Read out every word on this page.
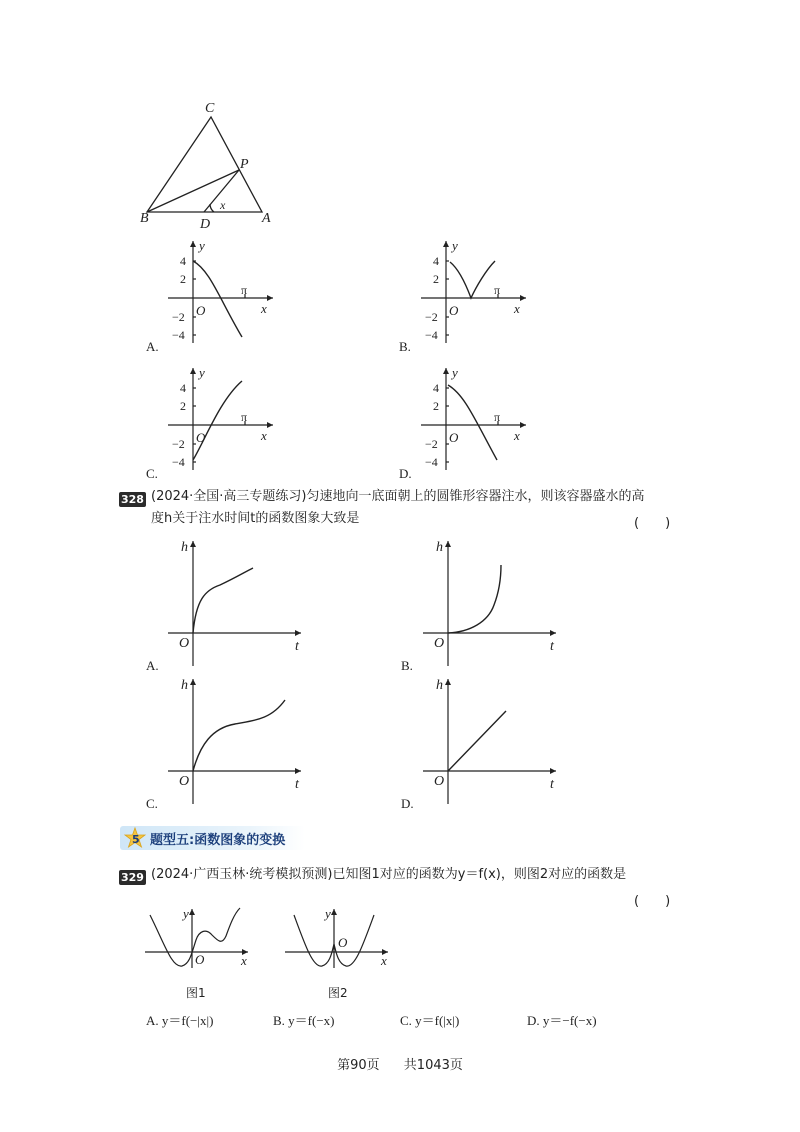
C
P
B	D	A
x
y
x
O
π
4
2
−2
−4
A.
y
x
O
π
4
2
−2
−4
B.
y
x
O
π
4
2
−2
−4
C.
y
x
O
π
4
2
−2
−4
D.
328 (2024·全国·高三专题练习)匀速地向一底面朝上的圆锥形容器注水，则该容器盛水的高
度h关于注水时间t的函数图象大致是	(　　)
h
t
O
A.
h
t
O
B.
h
t
O
C.
h
t
O
D.
5 题型五:函数图象的变换
329 (2024·广西玉林·统考模拟预测)已知图1对应的函数为y＝f(x)，则图2对应的函数是
(　　)
y
O	x
y
O
x
图1	图2
A. y＝f(−|x|)	B. y＝f(−x)	C. y＝f(|x|)	D. y＝−f(−x)
第90页 共1043页
